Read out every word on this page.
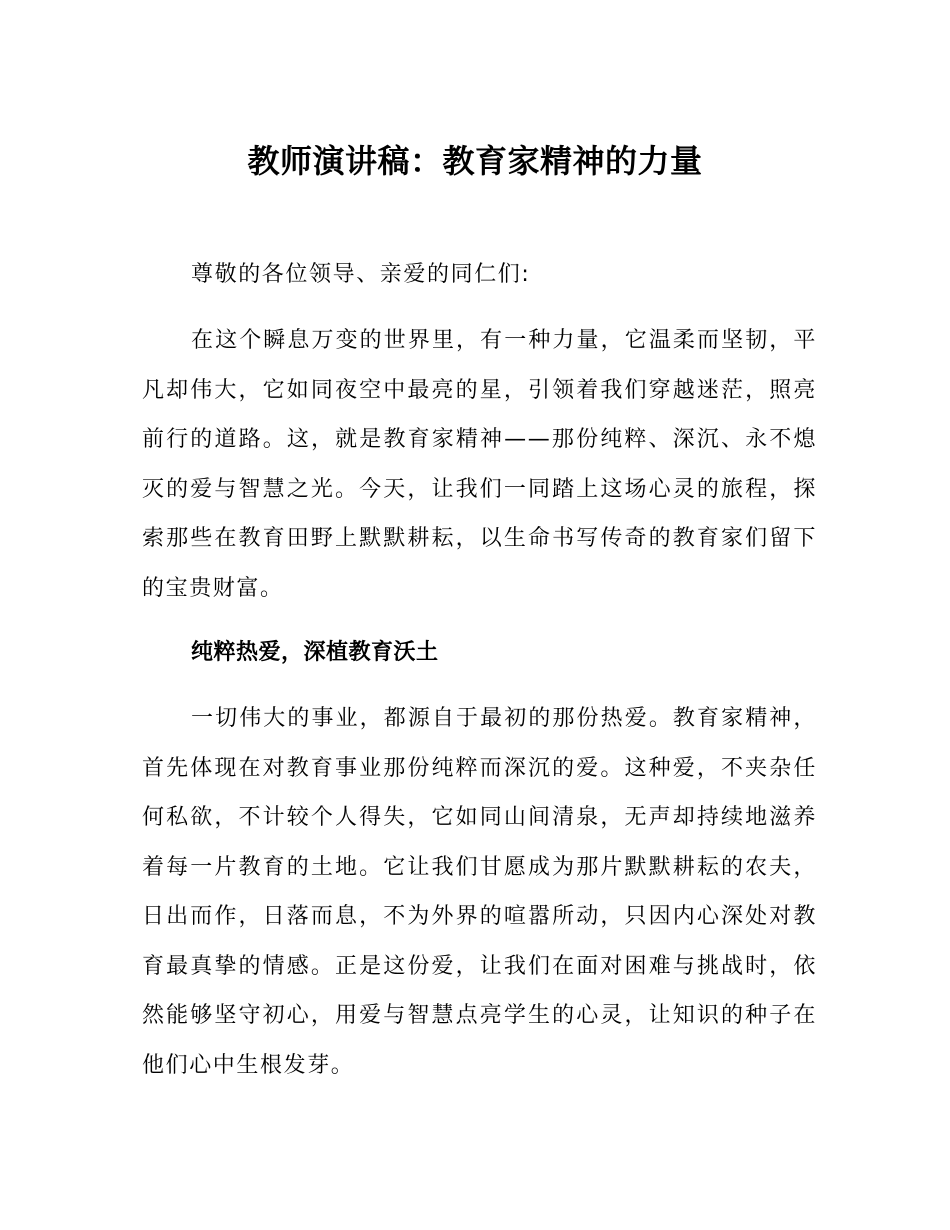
教师演讲稿：教育家精神的力量

尊敬的各位领导、亲爱的同仁们:

在这个瞬息万变的世界里，有一种力量，它温柔而坚韧，平凡却伟大，它如同夜空中最亮的星，引领着我们穿越迷茫，照亮前行的道路。这，就是教育家精神——那份纯粹、深沉、永不熄灭的爱与智慧之光。今天，让我们一同踏上这场心灵的旅程，探索那些在教育田野上默默耕耘，以生命书写传奇的教育家们留下的宝贵财富。

纯粹热爱，深植教育沃土

一切伟大的事业，都源自于最初的那份热爱。教育家精神，首先体现在对教育事业那份纯粹而深沉的爱。这种爱，不夹杂任何私欲，不计较个人得失，它如同山间清泉，无声却持续地滋养着每一片教育的土地。它让我们甘愿成为那片默默耕耘的农夫，日出而作，日落而息，不为外界的喧嚣所动，只因内心深处对教育最真挚的情感。正是这份爱，让我们在面对困难与挑战时，依然能够坚守初心，用爱与智慧点亮学生的心灵，让知识的种子在他们心中生根发芽。
